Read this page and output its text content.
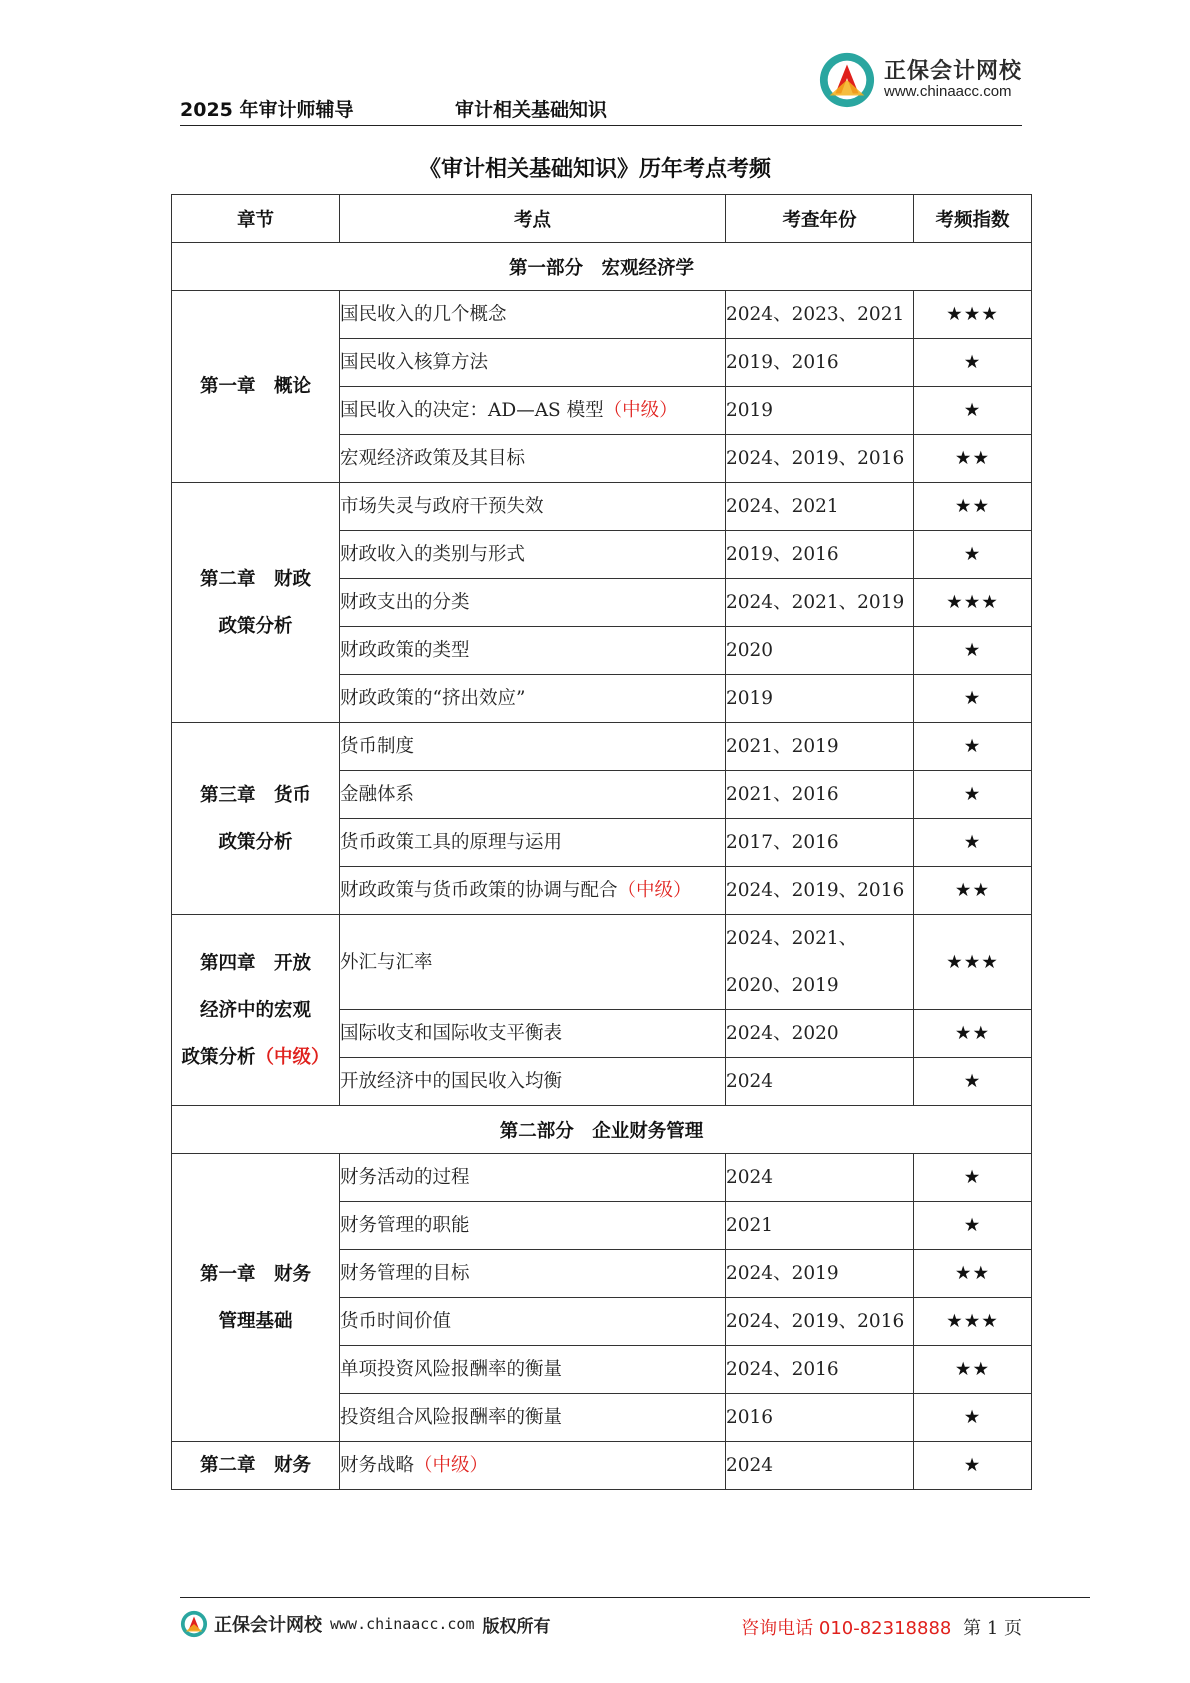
2025 年审计师辅导	审计相关基础知识
正保会计网校
www.chinaacc.com
《审计相关基础知识》历年考点考频
章节	考点	考查年份	考频指数
第一部分　宏观经济学			

第一章　概论	国民收入的几个概念	2024、2023、2021	★★★
	国民收入核算方法	2019、2016	★
	国民收入的决定：AD—AS 模型（中级）	2019	★
	宏观经济政策及其目标	2024、2019、2016	★★

第二章　财政
政策分析	市场失灵与政府干预失效	2024、2021	★★
	财政收入的类别与形式	2019、2016	★
	财政支出的分类	2024、2021、2019	★★★
	财政政策的类型	2020	★
	财政政策的“挤出效应”	2019	★

第三章　货币
政策分析	货币制度	2021、2019	★
	金融体系	2021、2016	★
	货币政策工具的原理与运用	2017、2016	★
	财政政策与货币政策的协调与配合（中级）	2024、2019、2016	★★

第四章　开放
经济中的宏观
政策分析（中级）	外汇与汇率	2024、2021、2020、2019	★★★
	国际收支和国际收支平衡表	2024、2020	★★
	开放经济中的国民收入均衡	2024	★
第二部分　企业财务管理			

第一章　财务
管理基础	财务活动的过程	2024	★
	财务管理的职能	2021	★
	财务管理的目标	2024、2019	★★
	货币时间价值	2024、2019、2016	★★★
	单项投资风险报酬率的衡量	2024、2016	★★
	投资组合风险报酬率的衡量	2016	★

第二章　财务	财务战略（中级）	2024	★
正保会计网校 www.chinaacc.com 版权所有	咨询电话 010-82318888 第 1 页
